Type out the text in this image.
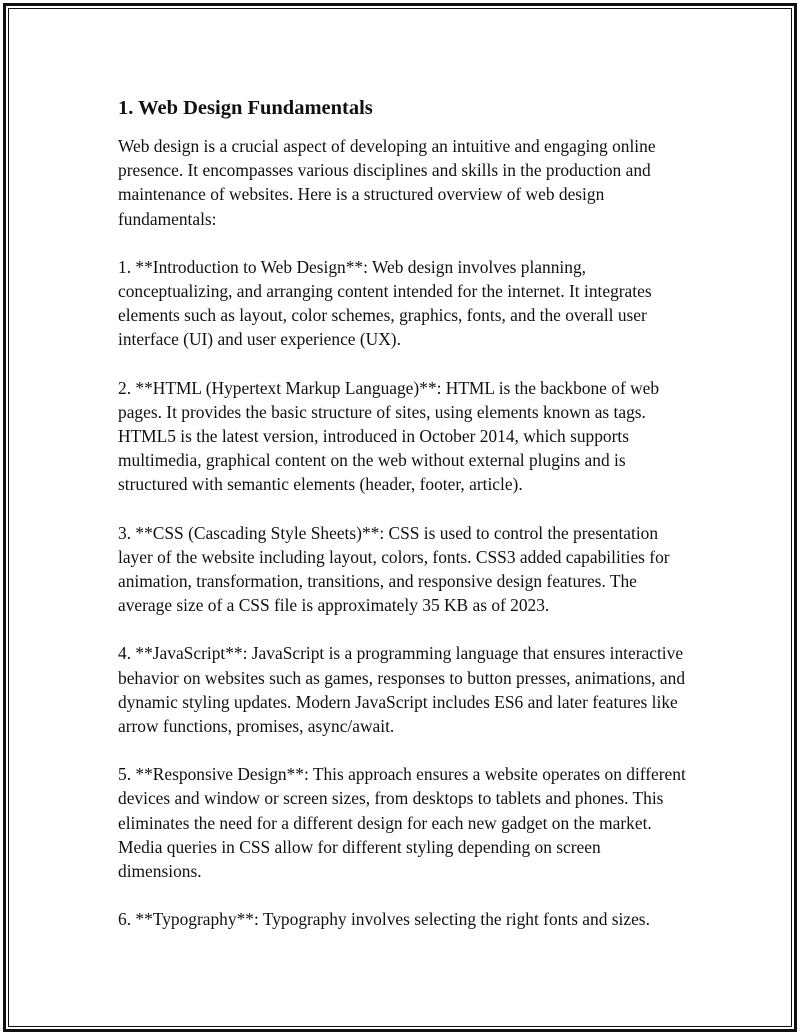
1. Web Design Fundamentals

Web design is a crucial aspect of developing an intuitive and engaging online presence. It encompasses various disciplines and skills in the production and maintenance of websites. Here is a structured overview of web design fundamentals:

1. **Introduction to Web Design**: Web design involves planning, conceptualizing, and arranging content intended for the internet. It integrates elements such as layout, color schemes, graphics, fonts, and the overall user interface (UI) and user experience (UX).

2. **HTML (Hypertext Markup Language)**: HTML is the backbone of web pages. It provides the basic structure of sites, using elements known as tags. HTML5 is the latest version, introduced in October 2014, which supports multimedia, graphical content on the web without external plugins and is structured with semantic elements (header, footer, article).

3. **CSS (Cascading Style Sheets)**: CSS is used to control the presentation layer of the website including layout, colors, fonts. CSS3 added capabilities for animation, transformation, transitions, and responsive design features. The average size of a CSS file is approximately 35 KB as of 2023.

4. **JavaScript**: JavaScript is a programming language that ensures interactive behavior on websites such as games, responses to button presses, animations, and dynamic styling updates. Modern JavaScript includes ES6 and later features like arrow functions, promises, async/await.

5. **Responsive Design**: This approach ensures a website operates on different devices and window or screen sizes, from desktops to tablets and phones. This eliminates the need for a different design for each new gadget on the market. Media queries in CSS allow for different styling depending on screen dimensions.

6. **Typography**: Typography involves selecting the right fonts and sizes.
